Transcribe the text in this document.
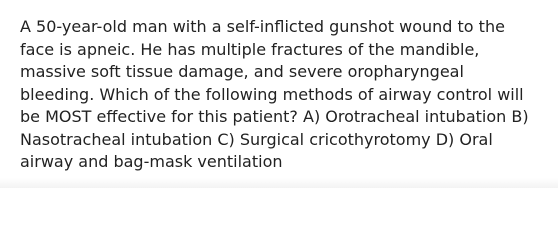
A 50-year-old man with a self-inflicted gunshot wound to the face is apneic. He has multiple fractures of the mandible, massive soft tissue damage, and severe oropharyngeal bleeding. Which of the following methods of airway control will be MOST effective for this patient? A) Orotracheal intubation B) Nasotracheal intubation C) Surgical cricothyrotomy D) Oral airway and bag-mask ventilation
